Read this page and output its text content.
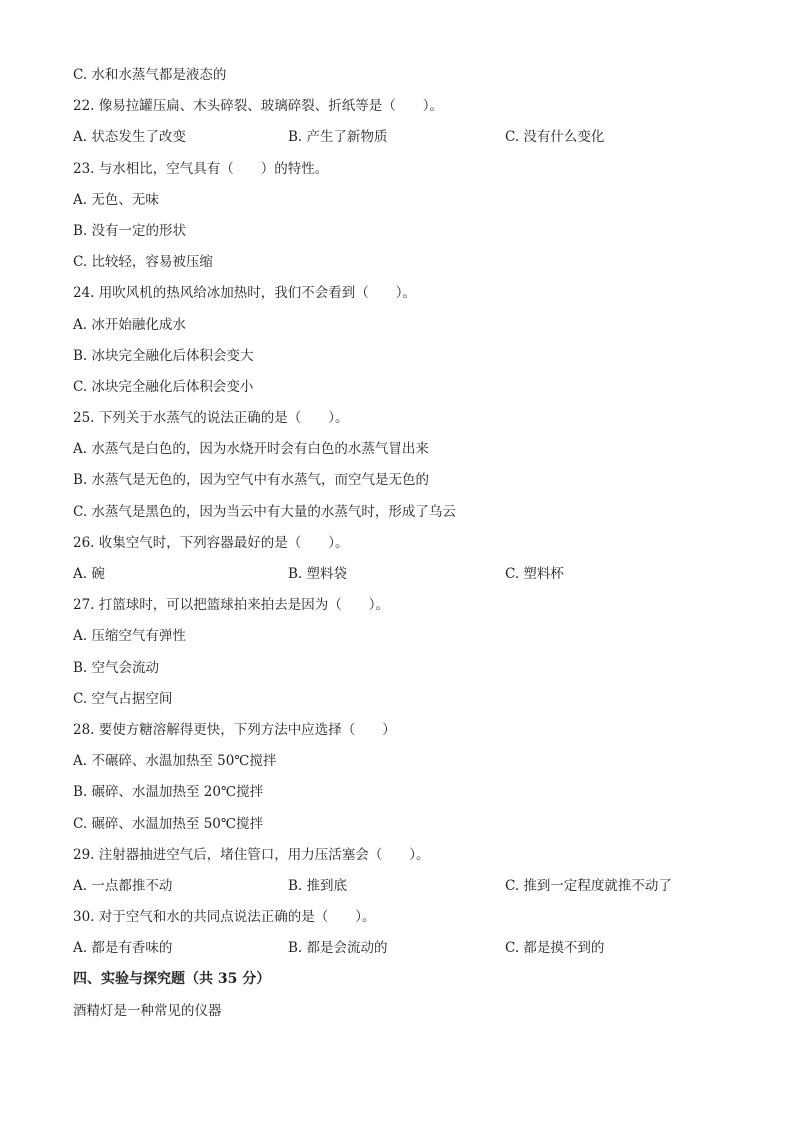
C. 水和水蒸气都是液态的
22. 像易拉罐压扁、木头碎裂、玻璃碎裂、折纸等是（　　）。
A. 状态发生了改变	B. 产生了新物质	C. 没有什么变化
23. 与水相比，空气具有（　　）的特性。
A. 无色、无味
B. 没有一定的形状
C. 比较轻，容易被压缩
24. 用吹风机的热风给冰加热时，我们不会看到（　　）。
A. 冰开始融化成水
B. 冰块完全融化后体积会变大
C. 冰块完全融化后体积会变小
25. 下列关于水蒸气的说法正确的是（　　）。
A. 水蒸气是白色的，因为水烧开时会有白色的水蒸气冒出来
B. 水蒸气是无色的，因为空气中有水蒸气，而空气是无色的
C. 水蒸气是黑色的，因为当云中有大量的水蒸气时，形成了乌云
26. 收集空气时，下列容器最好的是（　　）。
A. 碗	B. 塑料袋	C. 塑料杯
27. 打篮球时，可以把篮球拍来拍去是因为（　　）。
A. 压缩空气有弹性
B. 空气会流动
C. 空气占据空间
28. 要使方糖溶解得更快，下列方法中应选择（　　）
A. 不碾碎、水温加热至 50℃搅拌
B. 碾碎、水温加热至 20℃搅拌
C. 碾碎、水温加热至 50℃搅拌
29. 注射器抽进空气后，堵住管口，用力压活塞会（　　）。
A. 一点都推不动	B. 推到底	C. 推到一定程度就推不动了
30. 对于空气和水的共同点说法正确的是（　　）。
A. 都是有香味的	B. 都是会流动的	C. 都是摸不到的
四、实验与探究题（共 35 分）
酒精灯是一种常见的仪器
